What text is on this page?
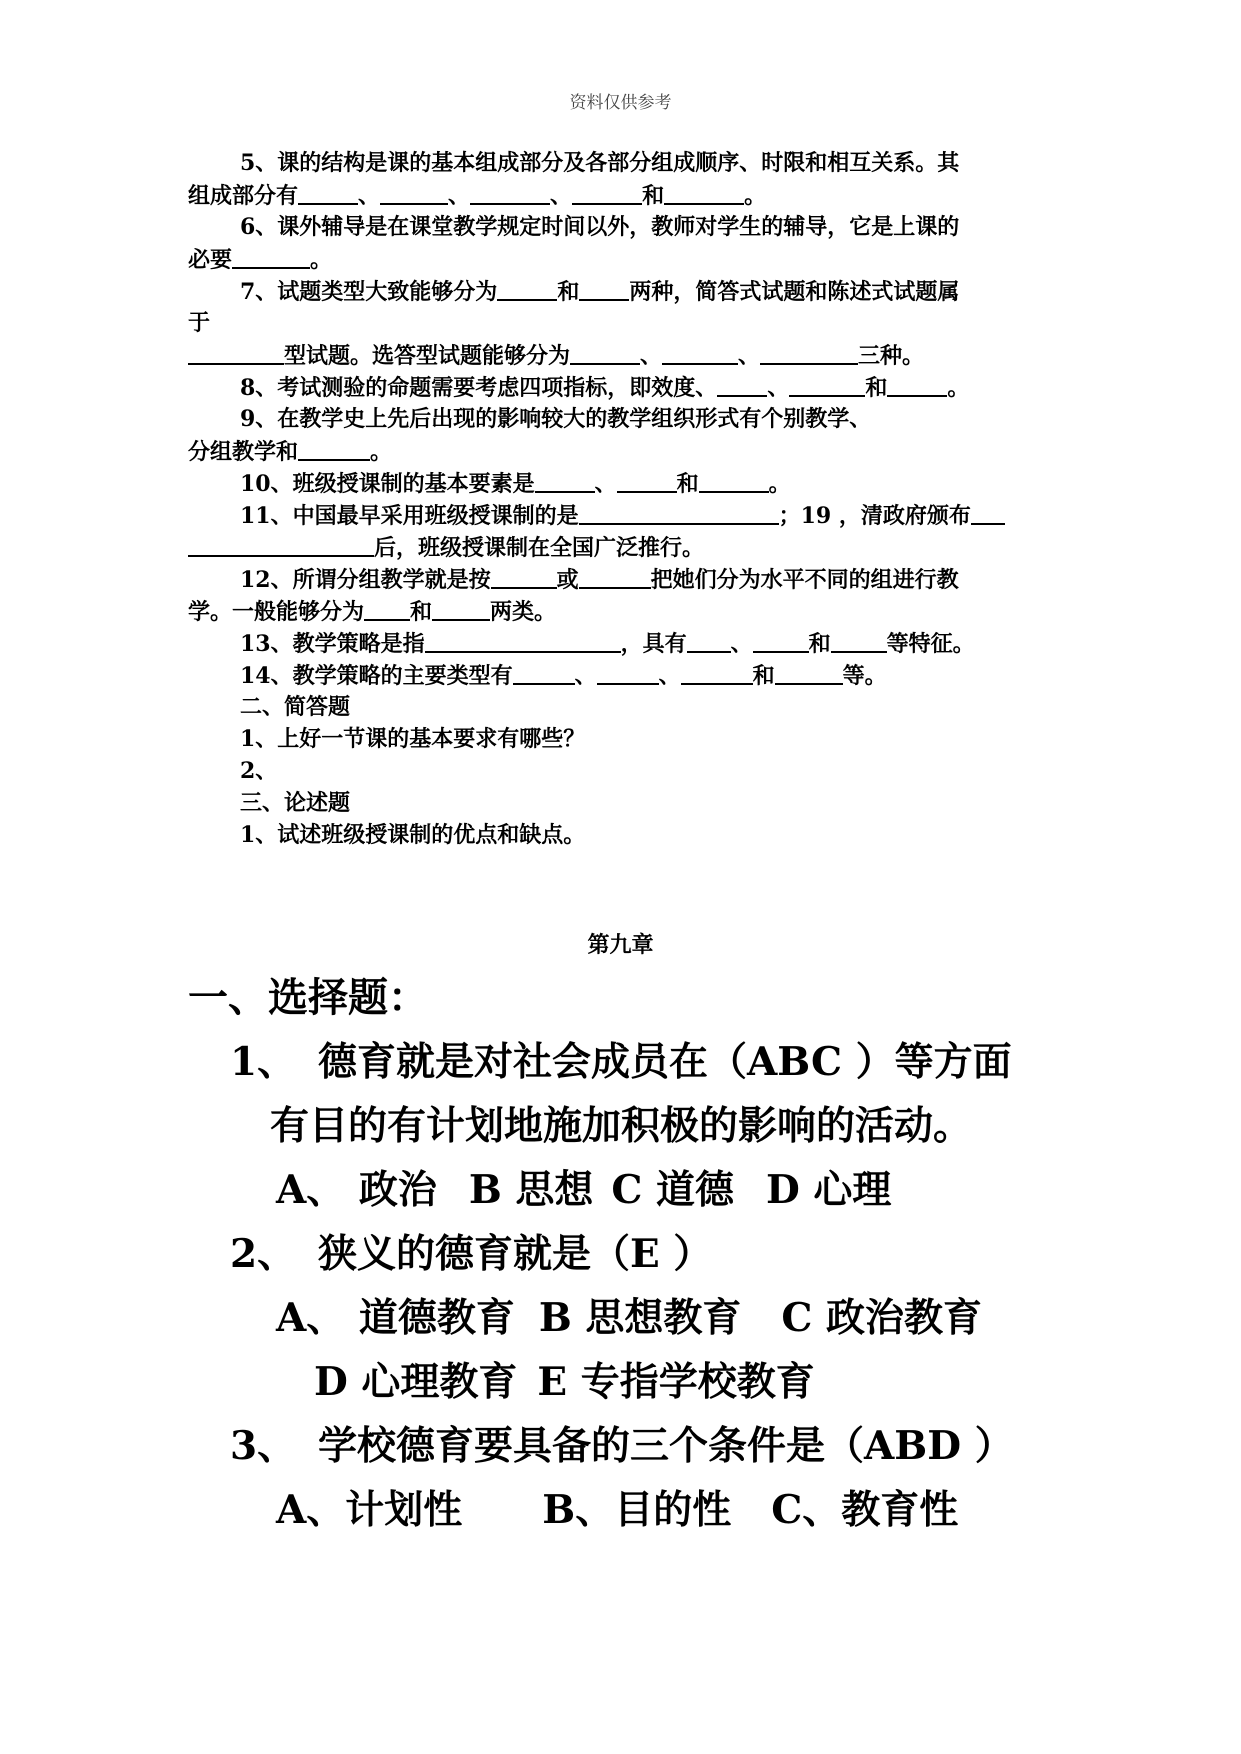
资料仅供参考
5、课的结构是课的基本组成部分及各部分组成顺序、时限和相互关系。其
组成部分有	、	、	、	和	。
6、课外辅导是在课堂教学规定时间以外，教师对学生的辅导，它是上课的
必要	。
7、试题类型大致能够分为	和 两种，简答式试题和陈述式试题属
于
型试题。选答型试题能够分为	、	、	三种。
8、考试测验的命题需要考虑四项指标，即效度、 、	和	。
9、在教学史上先后出现的影响较大的教学组织形式有个别教学、
分组教学和	。
10、班级授课制的基本要素是	、	和	。
11、中国最早采用班级授课制的是	；19 ，清政府颁布
后，班级授课制在全国广泛推行。
12、所谓分组教学就是按	或	把她们分为水平不同的组进行教
学。一般能够分为 和	两类。
13、教学策略是指	，具有 、	和	等特征。
14、教学策略的主要类型有	、	、	和	等。
二、简答题
1、上好一节课的基本要求有哪些？
2、
三、论述题
1、试述班级授课制的优点和缺点。
第九章
一、选择题：
1、 德育就是对社会成员在（ABC ）等方面
有目的有计划地施加积极的影响的活动。
A、 政治 B 思想 C 道德 D 心理
2、 狭义的德育就是（E ）
A、 道德教育 B 思想教育 C 政治教育
D 心理教育 E 专指学校教育
3、 学校德育要具备的三个条件是（ABD ）
A、计划性 B、目的性 C、教育性
